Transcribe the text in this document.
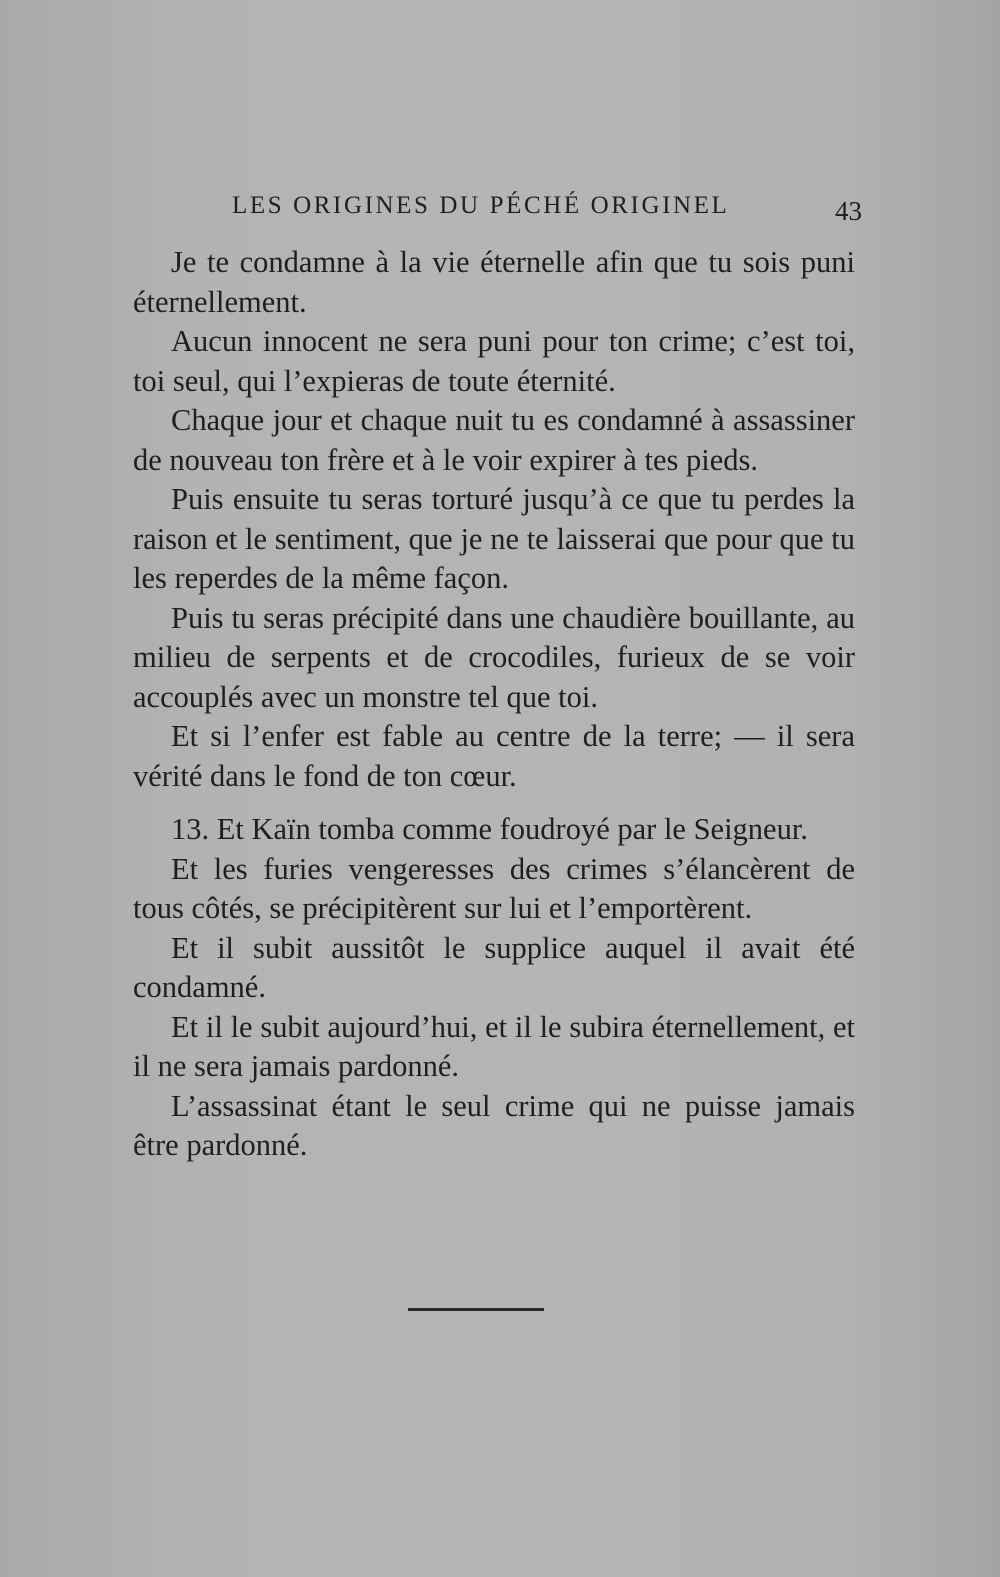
LES ORIGINES DU PÉCHÉ ORIGINEL	43

Je te condamne à la vie éternelle afin que tu sois puni éternellement.

Aucun innocent ne sera puni pour ton crime; c’est toi, toi seul, qui l’expieras de toute éternité.

Chaque jour et chaque nuit tu es condamné à assassiner de nouveau ton frère et à le voir expirer à tes pieds.

Puis ensuite tu seras torturé jusqu’à ce que tu perdes la raison et le sentiment, que je ne te laisserai que pour que tu les reperdes de la même façon.

Puis tu seras précipité dans une chaudière bouillante, au milieu de serpents et de crocodiles, furieux de se voir accouplés avec un monstre tel que toi.

Et si l’enfer est fable au centre de la terre; — il sera vérité dans le fond de ton cœur.

13. Et Kaïn tomba comme foudroyé par le Seigneur.

Et les furies vengeresses des crimes s’élancèrent de tous côtés, se précipitèrent sur lui et l’emportèrent.

Et il subit aussitôt le supplice auquel il avait été condamné.

Et il le subit aujourd’hui, et il le subira éternellement, et il ne sera jamais pardonné.

L’assassinat étant le seul crime qui ne puisse jamais être pardonné.
